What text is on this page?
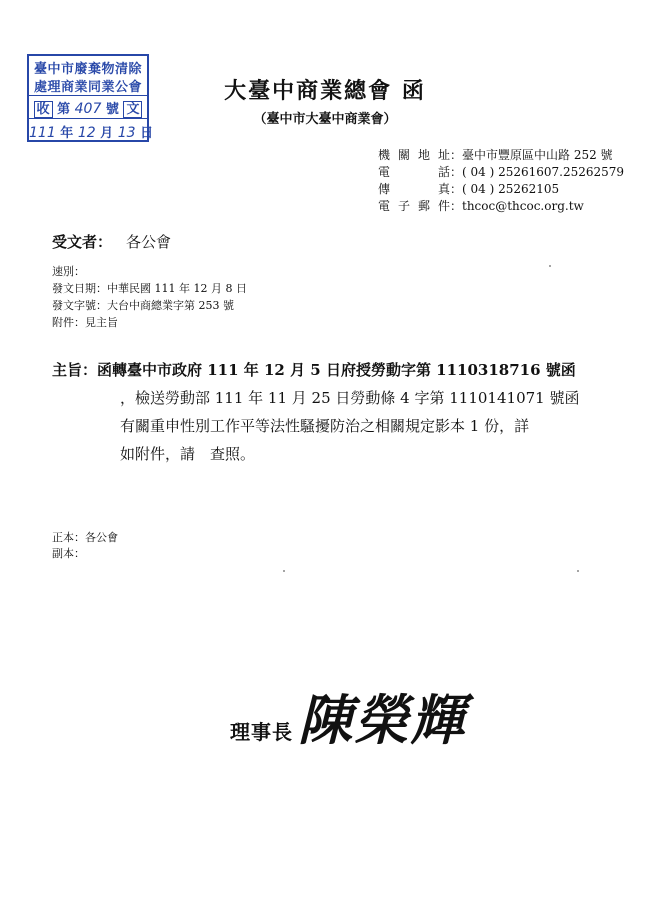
臺中市廢棄物清除
處理商業同業公會
收 第 407 號 文
111 年 12 月 13 日
大臺中商業總會 函
（臺中市大臺中商業會）
機關地址：臺中市豐原區中山路 252 號
電　　話：( 04 ) 25261607.25262579
傳　　真：( 04 ) 25262105
電子郵件：thcoc@thcoc.org.tw
受文者： 各公會
速別：
發文日期：中華民國 111 年 12 月 8 日
發文字號：大台中商總業字第 253 號
附件：見主旨
主旨：函轉臺中市政府 111 年 12 月 5 日府授勞動字第 1110318716 號函
，檢送勞動部 111 年 11 月 25 日勞動條 4 字第 1110141071 號函
有關重申性別工作平等法性騷擾防治之相關規定影本 1 份，詳
如附件，請　查照。
正本：各公會
副本：
理事長 陳榮輝
